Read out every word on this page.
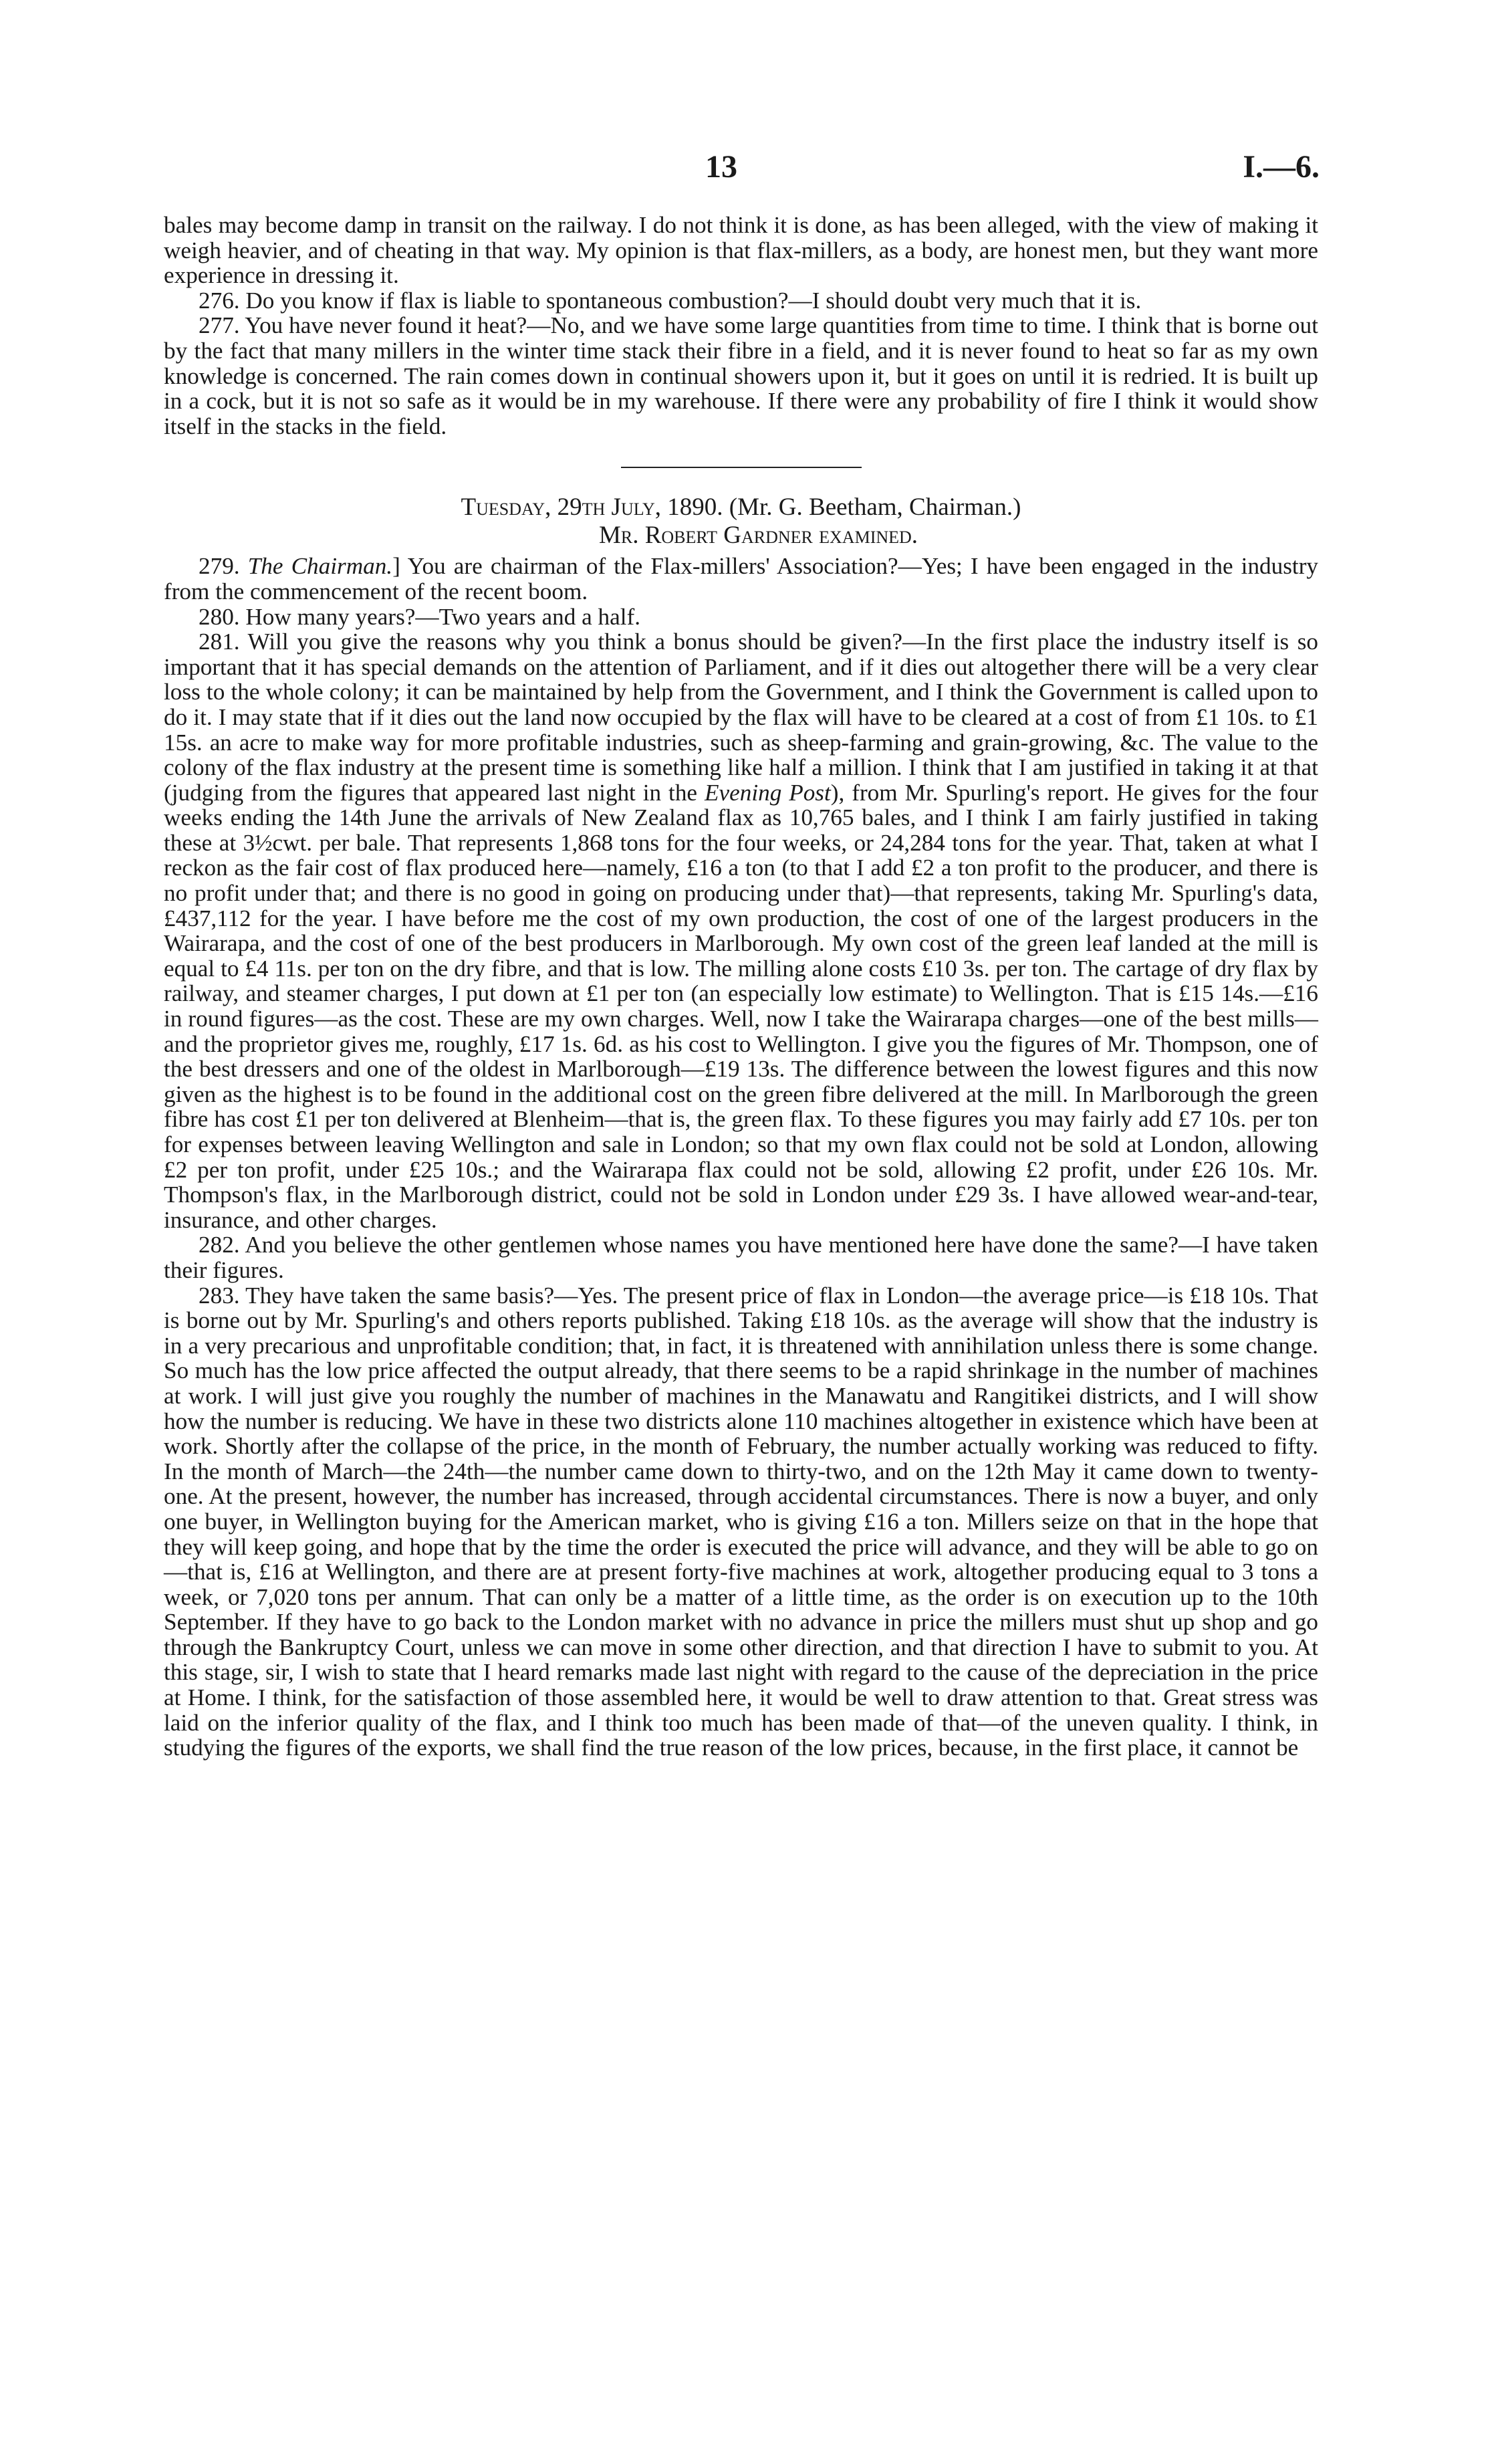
13	I.—6.

bales may become damp in transit on the railway. I do not think it is done, as has been alleged, with the view of making it weigh heavier, and of cheating in that way. My opinion is that flax-millers, as a body, are honest men, but they want more experience in dressing it.

276. Do you know if flax is liable to spontaneous combustion?—I should doubt very much that it is.

277. You have never found it heat?—No, and we have some large quantities from time to time. I think that is borne out by the fact that many millers in the winter time stack their fibre in a field, and it is never found to heat so far as my own knowledge is concerned. The rain comes down in continual showers upon it, but it goes on until it is redried. It is built up in a cock, but it is not so safe as it would be in my warehouse. If there were any probability of fire I think it would show itself in the stacks in the field.

Tuesday, 29th July, 1890. (Mr. G. Beetham, Chairman.)

Mr. Robert Gardner examined.

279. The Chairman.] You are chairman of the Flax-millers' Association?—Yes; I have been engaged in the industry from the commencement of the recent boom.

280. How many years?—Two years and a half.

281. Will you give the reasons why you think a bonus should be given?—In the first place the industry itself is so important that it has special demands on the attention of Parliament, and if it dies out altogether there will be a very clear loss to the whole colony; it can be maintained by help from the Government, and I think the Government is called upon to do it. I may state that if it dies out the land now occupied by the flax will have to be cleared at a cost of from £1 10s. to £1 15s. an acre to make way for more profitable industries, such as sheep-farming and grain-growing, &c. The value to the colony of the flax industry at the present time is something like half a million. I think that I am justified in taking it at that (judging from the figures that appeared last night in the Evening Post), from Mr. Spurling's report. He gives for the four weeks ending the 14th June the arrivals of New Zealand flax as 10,765 bales, and I think I am fairly justified in taking these at 3½cwt. per bale. That represents 1,868 tons for the four weeks, or 24,284 tons for the year. That, taken at what I reckon as the fair cost of flax produced here—namely, £16 a ton (to that I add £2 a ton profit to the producer, and there is no profit under that; and there is no good in going on producing under that)—that represents, taking Mr. Spurling's data, £437,112 for the year. I have before me the cost of my own production, the cost of one of the largest producers in the Wairarapa, and the cost of one of the best producers in Marlborough. My own cost of the green leaf landed at the mill is equal to £4 11s. per ton on the dry fibre, and that is low. The milling alone costs £10 3s. per ton. The cartage of dry flax by railway, and steamer charges, I put down at £1 per ton (an especially low estimate) to Wellington. That is £15 14s.—£16 in round figures—as the cost. These are my own charges. Well, now I take the Wairarapa charges—one of the best mills—and the proprietor gives me, roughly, £17 1s. 6d. as his cost to Wellington. I give you the figures of Mr. Thompson, one of the best dressers and one of the oldest in Marlborough—£19 13s. The difference between the lowest figures and this now given as the highest is to be found in the additional cost on the green fibre delivered at the mill. In Marlborough the green fibre has cost £1 per ton delivered at Blenheim—that is, the green flax. To these figures you may fairly add £7 10s. per ton for expenses between leaving Wellington and sale in London; so that my own flax could not be sold at London, allowing £2 per ton profit, under £25 10s.; and the Wairarapa flax could not be sold, allowing £2 profit, under £26 10s. Mr. Thompson's flax, in the Marlborough district, could not be sold in London under £29 3s. I have allowed wear-and-tear, insurance, and other charges.

282. And you believe the other gentlemen whose names you have mentioned here have done the same?—I have taken their figures.

283. They have taken the same basis?—Yes. The present price of flax in London—the average price—is £18 10s. That is borne out by Mr. Spurling's and others reports published. Taking £18 10s. as the average will show that the industry is in a very precarious and unprofitable condition; that, in fact, it is threatened with annihilation unless there is some change. So much has the low price affected the output already, that there seems to be a rapid shrinkage in the number of machines at work. I will just give you roughly the number of machines in the Manawatu and Rangitikei districts, and I will show how the number is reducing. We have in these two districts alone 110 machines altogether in existence which have been at work. Shortly after the collapse of the price, in the month of February, the number actually working was reduced to fifty. In the month of March—the 24th—the number came down to thirty-two, and on the 12th May it came down to twenty-one. At the present, however, the number has increased, through accidental circumstances. There is now a buyer, and only one buyer, in Wellington buying for the American market, who is giving £16 a ton. Millers seize on that in the hope that they will keep going, and hope that by the time the order is executed the price will advance, and they will be able to go on—that is, £16 at Wellington, and there are at present forty-five machines at work, altogether producing equal to 3 tons a week, or 7,020 tons per annum. That can only be a matter of a little time, as the order is on execution up to the 10th September. If they have to go back to the London market with no advance in price the millers must shut up shop and go through the Bankruptcy Court, unless we can move in some other direction, and that direction I have to submit to you. At this stage, sir, I wish to state that I heard remarks made last night with regard to the cause of the depreciation in the price at Home. I think, for the satisfaction of those assembled here, it would be well to draw attention to that. Great stress was laid on the inferior quality of the flax, and I think too much has been made of that—of the uneven quality. I think, in studying the figures of the exports, we shall find the true reason of the low prices, because, in the first place, it cannot be
